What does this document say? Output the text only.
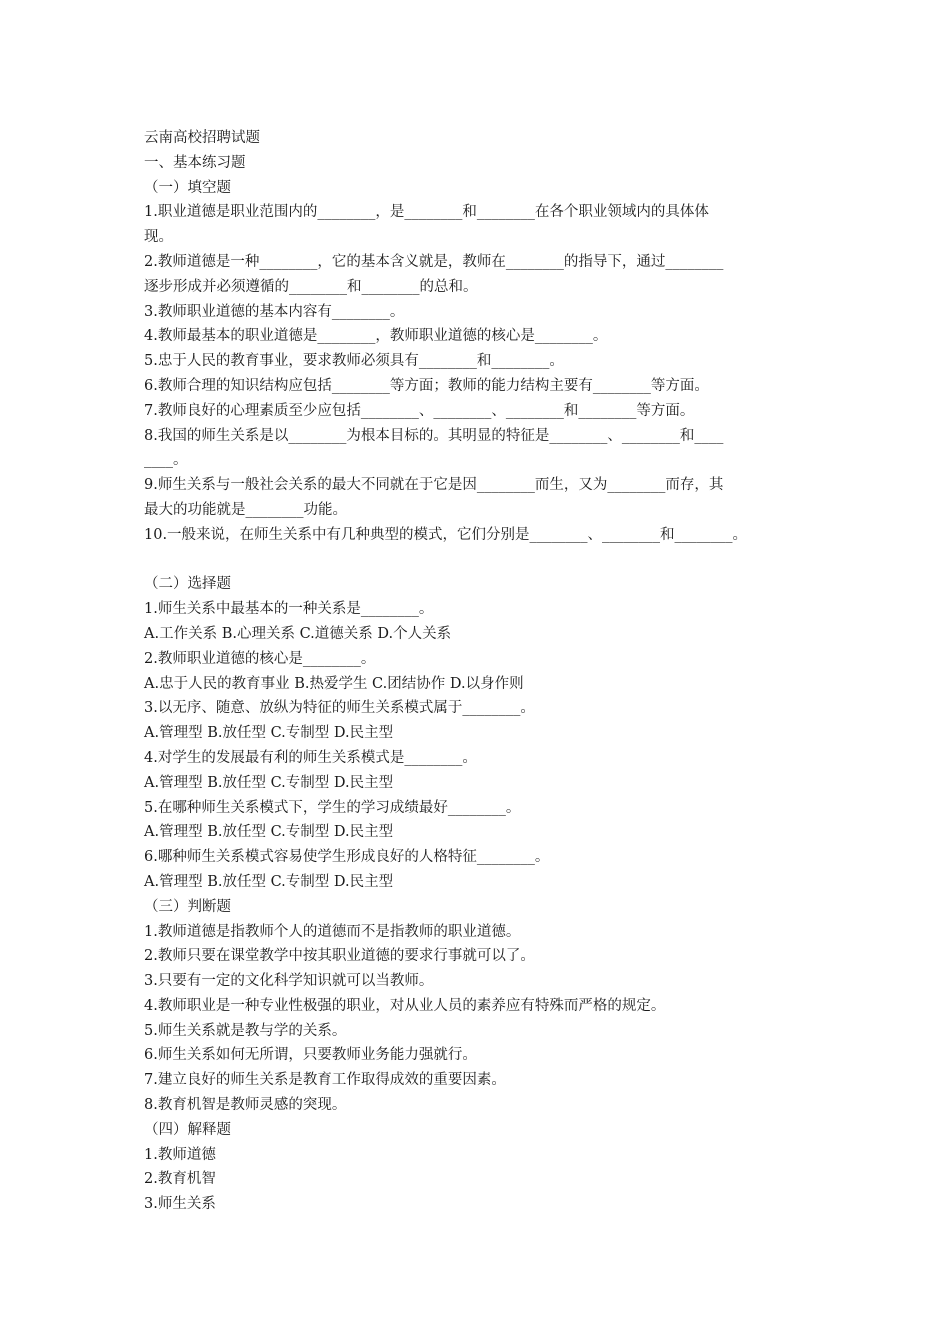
云南高校招聘试题
一、基本练习题
（一）填空题
1.职业道德是职业范围内的________，是________和________在各个职业领域内的具体体
现。
2.教师道德是一种________，它的基本含义就是，教师在________的指导下，通过________
逐步形成并必须遵循的________和________的总和。
3.教师职业道德的基本内容有________。
4.教师最基本的职业道德是________，教师职业道德的核心是________。
5.忠于人民的教育事业，要求教师必须具有________和________。
6.教师合理的知识结构应包括________等方面；教师的能力结构主要有________等方面。
7.教师良好的心理素质至少应包括________、________、________和________等方面。
8.我国的师生关系是以________为根本目标的。其明显的特征是________、________和____
____。
9.师生关系与一般社会关系的最大不同就在于它是因________而生，又为________而存，其
最大的功能就是________功能。
10.一般来说，在师生关系中有几种典型的模式，它们分别是________、________和________。
（二）选择题
1.师生关系中最基本的一种关系是________。
A.工作关系 B.心理关系 C.道德关系 D.个人关系
2.教师职业道德的核心是________。
A.忠于人民的教育事业 B.热爱学生 C.团结协作 D.以身作则
3.以无序、随意、放纵为特征的师生关系模式属于________。
A.管理型 B.放任型 C.专制型 D.民主型
4.对学生的发展最有利的师生关系模式是________。
A.管理型 B.放任型 C.专制型 D.民主型
5.在哪种师生关系模式下，学生的学习成绩最好________。
A.管理型 B.放任型 C.专制型 D.民主型
6.哪种师生关系模式容易使学生形成良好的人格特征________。
A.管理型 B.放任型 C.专制型 D.民主型
（三）判断题
1.教师道德是指教师个人的道德而不是指教师的职业道德。
2.教师只要在课堂教学中按其职业道德的要求行事就可以了。
3.只要有一定的文化科学知识就可以当教师。
4.教师职业是一种专业性极强的职业，对从业人员的素养应有特殊而严格的规定。
5.师生关系就是教与学的关系。
6.师生关系如何无所谓，只要教师业务能力强就行。
7.建立良好的师生关系是教育工作取得成效的重要因素。
8.教育机智是教师灵感的突现。
（四）解释题
1.教师道德
2.教育机智
3.师生关系
